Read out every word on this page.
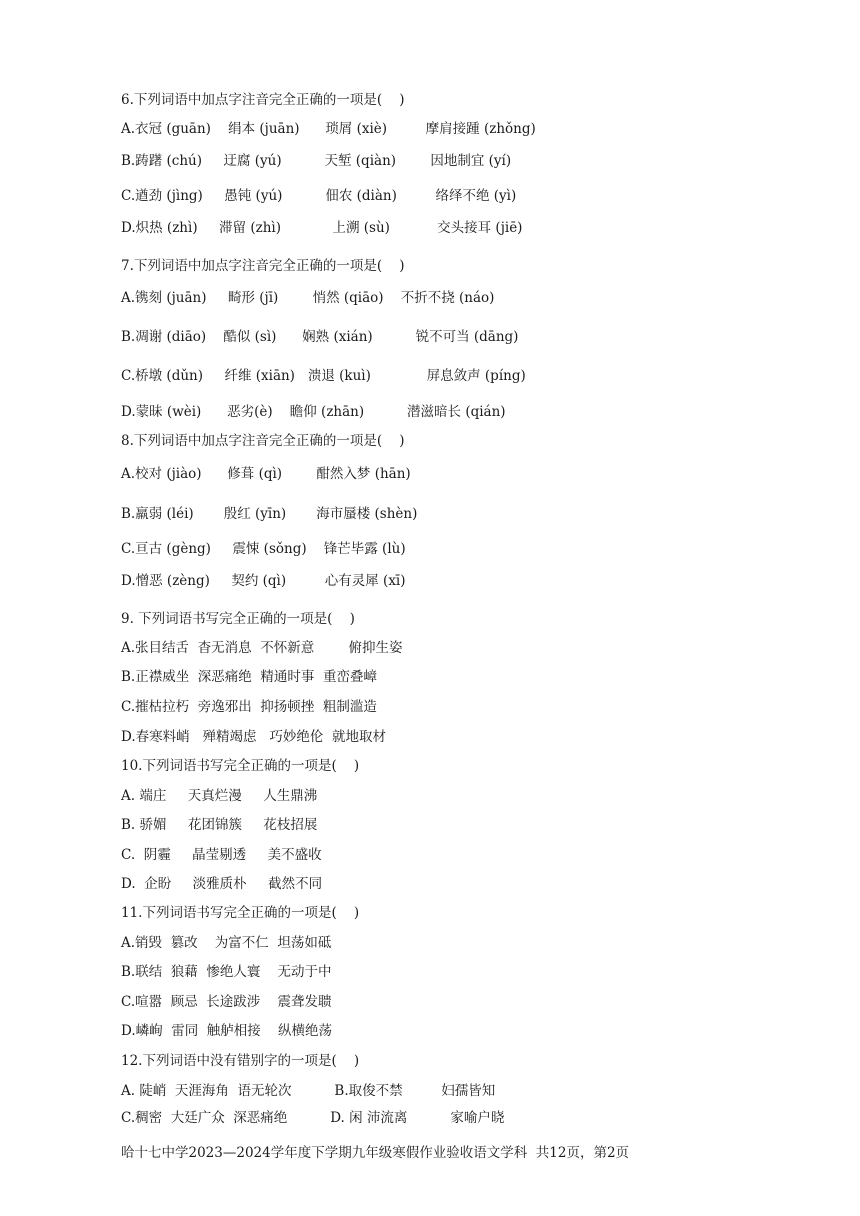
6.下列词语中加点字注音完全正确的一项是(    )
A.衣冠 (guān)    绢本 (juān)      琐屑 (xiè)         摩肩接踵 (zhǒng)
B.踌躇 (chú)     迂腐 (yú)          天堑 (qiàn)        因地制宜 (yí)
C.遒劲 (jìng)     愚钝 (yú)          佃农 (diàn)         络绎不绝 (yì)
D.炽热 (zhì)     滞留 (zhì)            上溯 (sù)           交头接耳 (jiē)
7.下列词语中加点字注音完全正确的一项是(    )
A.镌刻 (juān)     畸形 (jī)        悄然 (qiāo)    不折不挠 (náo)
B.凋谢 (diāo)    酷似 (sì)      娴熟 (xián)          锐不可当 (dāng)
C.桥墩 (dǔn)     纤维 (xiān)   溃退 (kuì)             屏息敛声 (píng)
D.蒙昧 (wèi)      恶劣(è)    瞻仰 (zhān)          潜滋暗长 (qián)
8.下列词语中加点字注音完全正确的一项是(    )
A.校对 (jiào)      修葺 (qì)        酣然入梦 (hān)
B.羸弱 (léi)       殷红 (yīn)       海市蜃楼 (shèn)
C.亘古 (gèng)     震悚 (sǒng)    锋芒毕露 (lù)
D.憎恶 (zèng)     契约 (qì)         心有灵犀 (xī)
9. 下列词语书写完全正确的一项是(    )
A.张目结舌  杳无消息  不怀新意        俯抑生姿
B.正襟威坐  深恶痛绝  精通时事  重峦叠嶂
C.摧枯拉朽  旁逸邪出  抑扬顿挫  粗制滥造
D.春寒料峭   殚精竭虑   巧妙绝伦  就地取材
10.下列词语书写完全正确的一项是(    )
A. 端庄     天真烂漫     人生鼎沸
B. 骄媚     花团锦簇     花枝招展
C.  阴霾     晶莹剔透     美不盛收
D.  企盼     淡雅质朴     截然不同
11.下列词语书写完全正确的一项是(    )
A.销毁  篡改    为富不仁  坦荡如砥
B.联结  狼藉  惨绝人寰    无动于中
C.喧嚣  顾忌  长途跋涉    震聋发聩
D.嶙峋  雷同  触舻相接    纵横绝荡
12.下列词语中没有错别字的一项是(    )
A. 陡峭  天涯海角  语无轮次          B.取俊不禁         妇孺皆知
C.稠密  大廷广众  深恶痛绝          D. 闲 沛流离          家喻户晓
哈十七中学2023—2024学年度下学期九年级寒假作业验收语文学科  共12页，第2页
